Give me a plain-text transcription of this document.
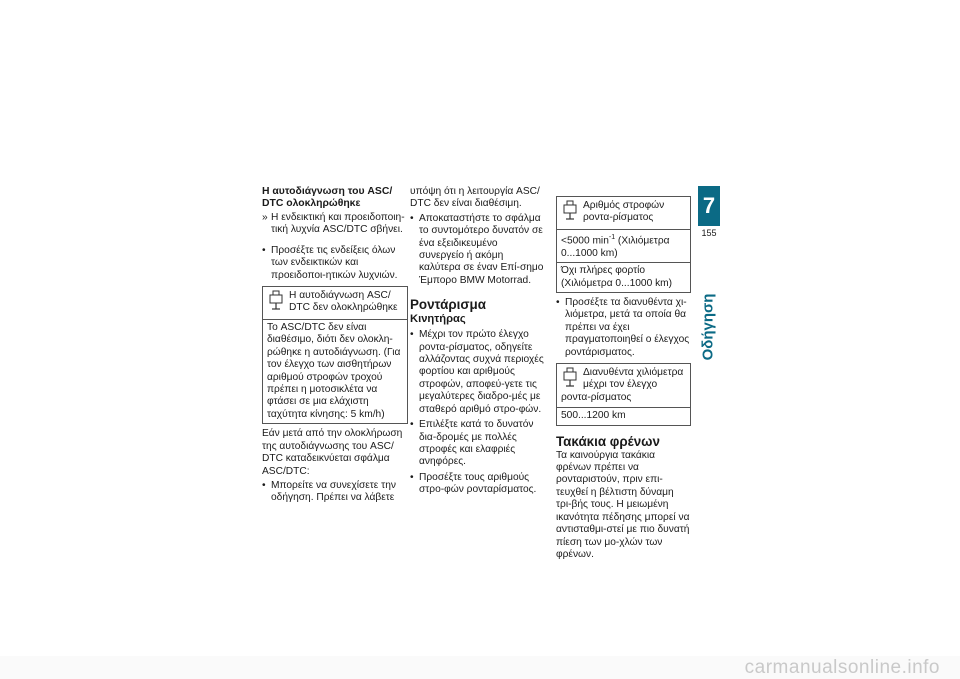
Η αυτοδιάγνωση του ASC/ DTC ολοκληρώθηκε
» Η ενδεικτική και προειδοποιη-τική λυχνία ASC/DTC σβήνει.
• Προσέξτε τις ενδείξεις όλων των ενδεικτικών και προειδοποι-ητικών λυχνιών.
Η αυτοδιάγνωση ASC/ DTC δεν ολοκληρώθηκε
Το ASC/DTC δεν είναι διαθέσιμο, διότι δεν ολοκλη-ρώθηκε η αυτοδιάγνωση. (Για τον έλεγχο των αισθητήρων αριθμού στροφών τροχού πρέπει η μοτοσικλέτα να φτάσει σε μια ελάχιστη ταχύτητα κίνησης: 5 km/h)

Εάν μετά από την ολοκλήρωση της αυτοδιάγνωσης του ASC/ DTC καταδεικνύεται σφάλμα ASC/DTC:

• Μπορείτε να συνεχίσετε την οδήγηση. Πρέπει να λάβετε

υπόψη ότι η λειτουργία ASC/ DTC δεν είναι διαθέσιμη.

• Αποκαταστήστε το σφάλμα το συντομότερο δυνατόν σε ένα εξειδικευμένο συνεργείο ή ακόμη καλύτερα σε έναν Επί-σημο Έμπορο BMW Motorrad.
Ροντάρισμα
Κινητήρας
• Μέχρι τον πρώτο έλεγχο ροντα-ρίσματος, οδηγείτε αλλάζοντας συχνά περιοχές φορτίου και αριθμούς στροφών, αποφεύ-γετε τις μεγαλύτερες διαδρο-μές με σταθερό αριθμό στρο-φών.
• Επιλέξτε κατά το δυνατόν δια-δρομές με πολλές στροφές και ελαφριές ανηφόρες.
• Προσέξτε τους αριθμούς στρο-φών ρονταρίσματος.
Αριθμός στροφών ροντα-ρίσματος
<5000 $\min^{-1} (X\iota\lambda\iota ό\mu\varepsilon\tau\rho\alpha$ 0...1000 km)
Όχι πλήρες φορτίο (Χιλιόμετρα 0...1000 km)
• Προσέξτε τα διανυθέντα χι-λιόμετρα, μετά τα οποία θα πρέπει να έχει πραγματοποιηθεί ο έλεγχος ροντάρισματος.
Διανυθέντα χιλιόμετρα μέχρι τον έλεγχο ροντα-ρίσματος
500...1200 km
Τακάκια φρένων

Τα καινούργια τακάκια φρένων πρέπει να ρονταριστούν, πριν επι-τευχθεί η βέλτιστη δύναμη τρι-βής τους. Η μειωμένη ικανότητα πέδησης μπορεί να αντισταθμι-στεί με πιο δυνατή πίεση των μο-χλών των φρένων.

7
155
Οδήγηση
carmanualsonline.info
